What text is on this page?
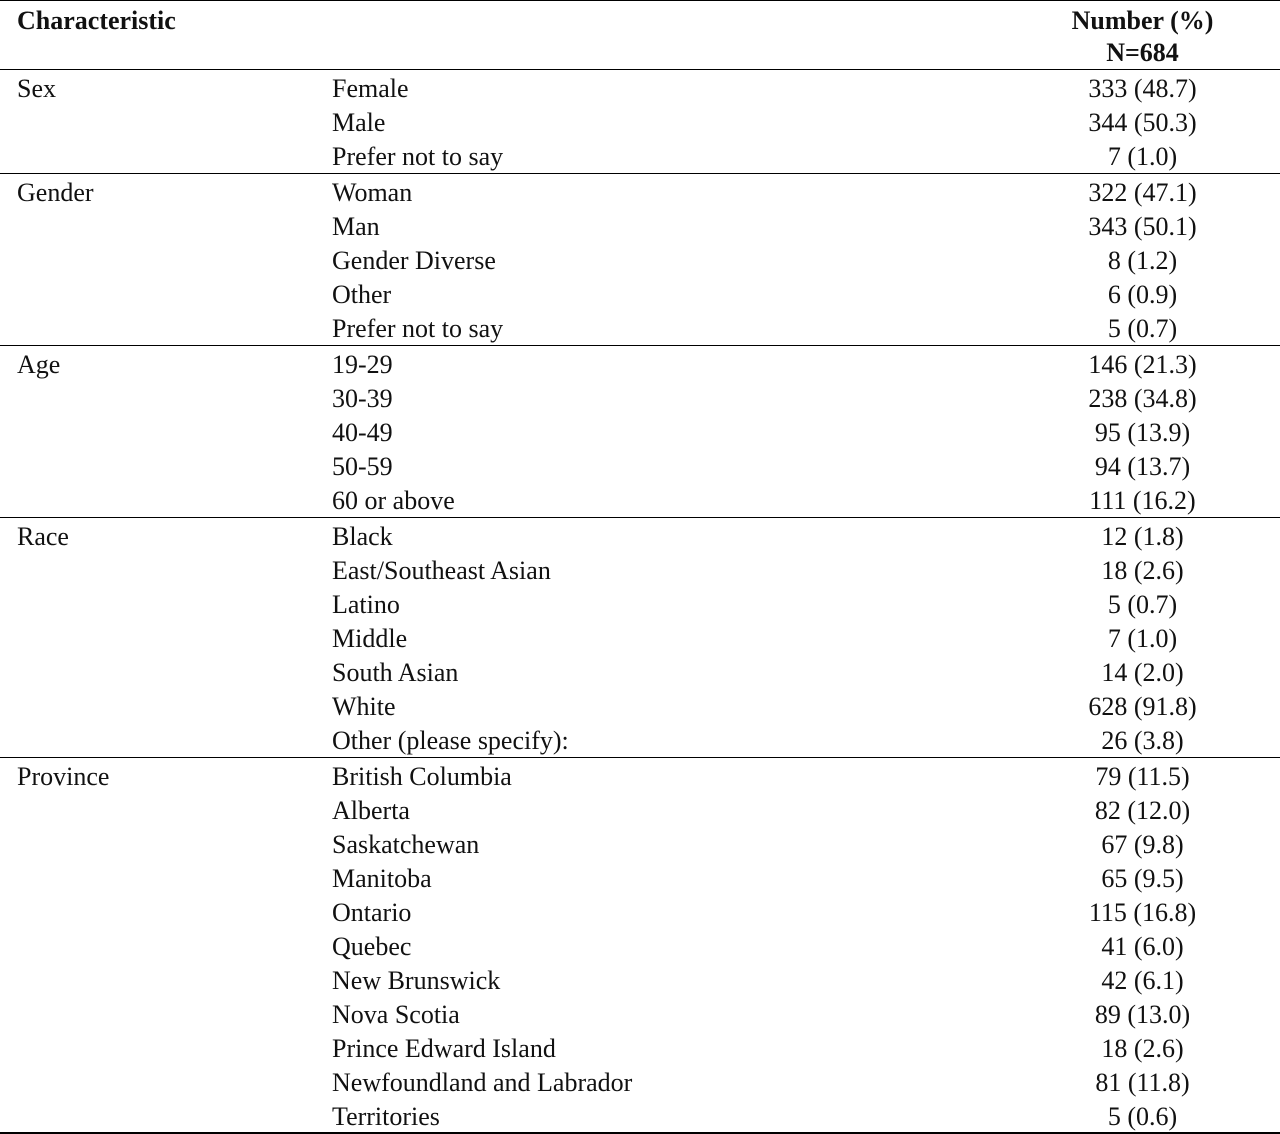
Characteristic	Number (%)
N=684
Sex	Female	333 (48.7)
Male	344 (50.3)
Prefer not to say	7 (1.0)
Gender	Woman	322 (47.1)
Man	343 (50.1)
Gender Diverse	8 (1.2)
Other	6 (0.9)
Prefer not to say	5 (0.7)
Age	19-29	146 (21.3)
30-39	238 (34.8)
40-49	95 (13.9)
50-59	94 (13.7)
60 or above	111 (16.2)
Race	Black	12 (1.8)
East/Southeast Asian	18 (2.6)
Latino	5 (0.7)
Middle	7 (1.0)
South Asian	14 (2.0)
White	628 (91.8)
Other (please specify):	26 (3.8)
Province	British Columbia	79 (11.5)
Alberta	82 (12.0)
Saskatchewan	67 (9.8)
Manitoba	65 (9.5)
Ontario	115 (16.8)
Quebec	41 (6.0)
New Brunswick	42 (6.1)
Nova Scotia	89 (13.0)
Prince Edward Island	18 (2.6)
Newfoundland and Labrador	81 (11.8)
Territories	5 (0.6)
